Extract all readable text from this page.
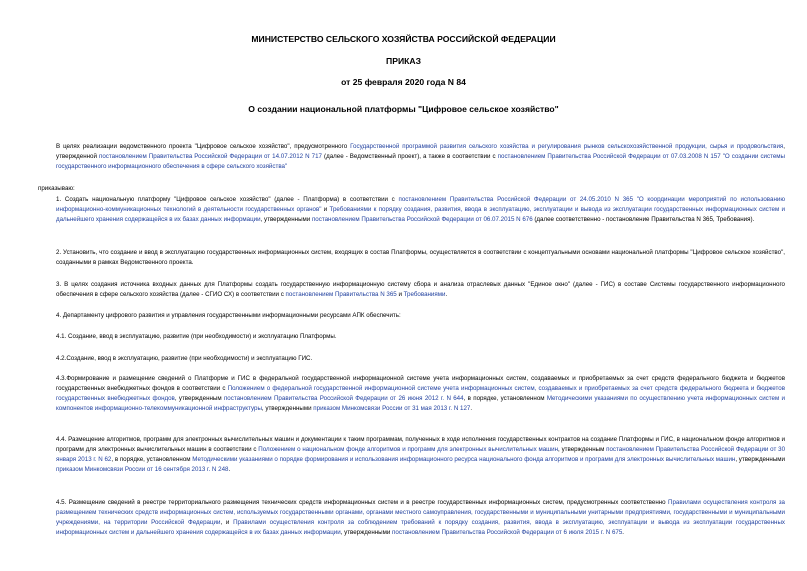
МИНИСТЕРСТВО СЕЛЬСКОГО ХОЗЯЙСТВА РОССИЙСКОЙ ФЕДЕРАЦИИ
ПРИКАЗ
от 25 февраля 2020 года N 84
О создании национальной платформы "Цифровое сельское хозяйство"
В целях реализации ведомственного проекта "Цифровое сельское хозяйство", предусмотренного Государственной программой развития сельского хозяйства и регулирования рынков сельскохозяйственной продукции, сырья и продовольствия, утвержденной постановлением Правительства Российской Федерации от 14.07.2012 N 717 (далее - Ведомственный проект), а также в соответствии с постановлением Правительства Российской Федерации от 07.03.2008 N 157 "О создании системы государственного информационного обеспечения в сфере сельского хозяйства"
приказываю:
1. Создать национальную платформу "Цифровое сельское хозяйство" (далее - Платформа) в соответствии с постановлением Правительства Российской Федерации от 24.05.2010 N 365 "О координации мероприятий по использованию информационно-коммуникационных технологий в деятельности государственных органов" и Требованиями к порядку создания, развития, ввода в эксплуатацию, эксплуатации и вывода из эксплуатации государственных информационных систем и дальнейшего хранения содержащейся в их базах данных информации, утвержденными постановлением Правительства Российской Федерации от 06.07.2015 N 676 (далее соответственно - постановление Правительства N 365, Требования).
2. Установить, что создание и ввод в эксплуатацию государственных информационных систем, входящих в состав Платформы, осуществляется в соответствии с концептуальными основами национальной платформы "Цифровое сельское хозяйство", созданными в рамках Ведомственного проекта.
3. В целях создания источника входных данных для Платформы создать государственную информационную систему сбора и анализа отраслевых данных "Единое окно" (далее - ГИС) в составе Системы государственного информационного обеспечения в сфере сельского хозяйства (далее - СГИО СХ) в соответствии с постановлением Правительства N 365 и Требованиями.
4. Департаменту цифрового развития и управления государственными информационными ресурсами АПК обеспечить:
4.1. Создание, ввод в эксплуатацию, развитие (при необходимости) и эксплуатацию Платформы.
4.2.Создание, ввод в эксплуатацию, развитие (при необходимости) и эксплуатацию ГИС.
4.3.Формирование и размещение сведений о Платформе и ГИС в федеральной государственной информационной системе учета информационных систем, создаваемых и приобретаемых за счет средств федерального бюджета и бюджетов государственных внебюджетных фондов в соответствии с Положением о федеральной государственной информационной системе учета информационных систем, создаваемых и приобретаемых за счет средств федерального бюджета и бюджетов государственных внебюджетных фондов, утвержденным постановлением Правительства Российской Федерации от 26 июня 2012 г. N 644, в порядке, установленном Методическими указаниями по осуществлению учета информационных систем и компонентов информационно-телекоммуникационной инфраструктуры, утвержденными приказом Минкомсвязи России от 31 мая 2013 г. N 127.
4.4. Размещение алгоритмов, программ для электронных вычислительных машин и документации к таким программам, полученных в ходе исполнения государственных контрактов на создание Платформы и ГИС, в национальном фонде алгоритмов и программ для электронных вычислительных машин в соответствии с Положением о национальном фонде алгоритмов и программ для электронных вычислительных машин, утвержденным постановлением Правительства Российской Федерации от 30 января 2013 г. N 62, в порядке, установленном Методическими указаниями о порядке формирования и использования информационного ресурса национального фонда алгоритмов и программ для электронных вычислительных машин, утвержденными приказом Минкомсвязи России от 16 сентября 2013 г. N 248.
4.5. Размещение сведений в реестре территориального размещения технических средств информационных систем и в реестре государственных информационных систем, предусмотренных соответственно Правилами осуществления контроля за размещением технических средств информационных систем, используемых государственными органами, органами местного самоуправления, государственными и муниципальными унитарными предприятиями, государственными и муниципальными учреждениями, на территории Российской Федерации, и Правилами осуществления контроля за соблюдением требований к порядку создания, развития, ввода в эксплуатацию, эксплуатации и вывода из эксплуатации государственных информационных систем и дальнейшего хранения содержащейся в их базах данных информации, утвержденными постановлением Правительства Российской Федерации от 6 июля 2015 г. N 675.
